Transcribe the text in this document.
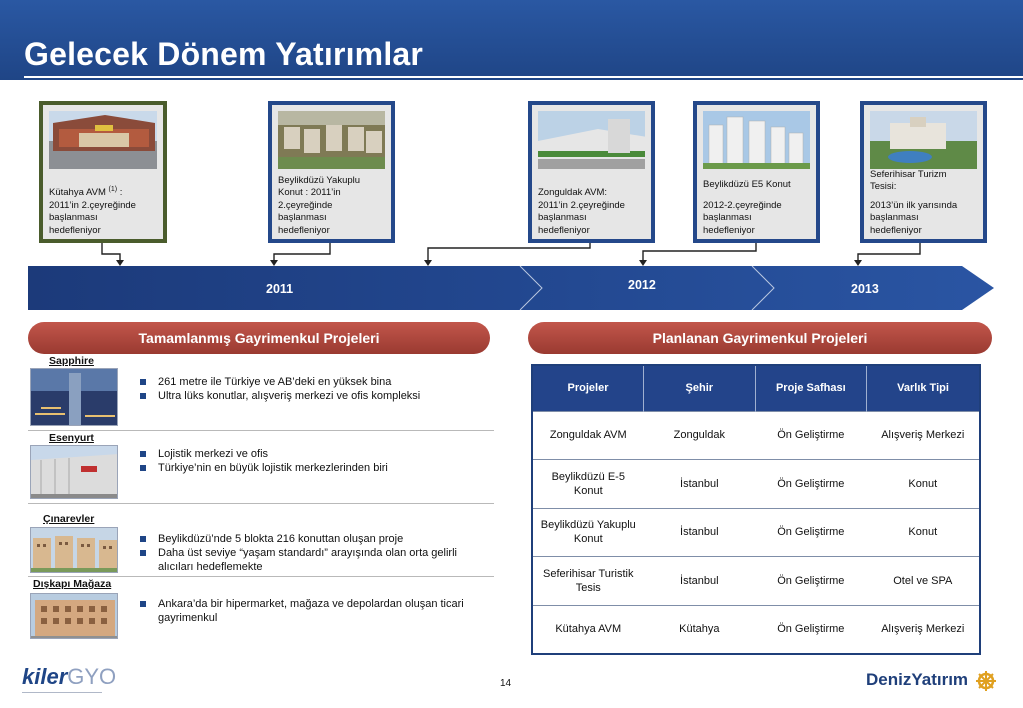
Gelecek Dönem Yatırımlar
Kütahya AVM $^{(1)}$ :
2011’in 2.çeyreğinde
başlanması
hedefleniyor
Beylikdüzü Yakuplu
Konut : 2011’in
2.çeyreğinde
başlanması
hedefleniyor
Zonguldak AVM:
2011’in 2.çeyreğinde
başlanması
hedefleniyor
Beylikdüzü E5 Konut
2012-2.çeyreğinde
başlanması
hedefleniyor
Seferihisar Turizm
Tesisi:
2013’ün ilk yarısında
başlanması
hedefleniyor
2011	2012	2013
Tamamlanmış Gayrimenkul Projeleri	Planlanan Gayrimenkul Projeleri
Sapphire
261 metre ile Türkiye ve AB’deki en yüksek bina
Ultra lüks konutlar, alışveriş merkezi ve ofis kompleksi
Esenyurt
Lojistik merkezi ve ofis
Türkiye’nin en büyük lojistik merkezlerinden biri
Çınarevler
Beylikdüzü’nde 5 blokta 216 konuttan oluşan proje
Daha üst seviye “yaşam standardı” arayışında olan orta gelirli alıcıları hedeflemekte
Dışkapı Mağaza
Ankara’da bir hipermarket, mağaza ve depolardan oluşan ticari gayrimenkul
Projeler	Şehir	Proje Safhası	Varlık Tipi
Zonguldak AVM	Zonguldak	Ön Geliştirme	Alışveriş Merkezi
Beylikdüzü E-5 Konut	İstanbul	Ön Geliştirme	Konut
Beylikdüzü Yakuplu Konut	İstanbul	Ön Geliştirme	Konut
Seferihisar Turistik Tesis	İstanbul	Ön Geliştirme	Otel ve SPA
Kütahya AVM	Kütahya	Ön Geliştirme	Alışveriş Merkezi
kilerGYO	14	DenizYatırım
